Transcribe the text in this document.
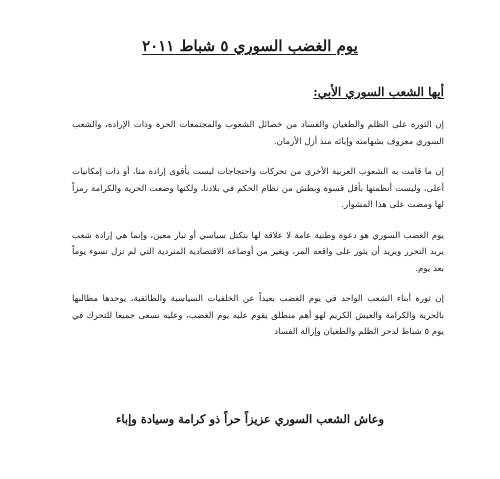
يوم الغضب السوري ٥ شباط ٢٠١١
أيها الشعب السوري الأبي:

إن الثورة على الظلم والطغيان والفساد من خصائل الشعوب والمجتمعات الحرة وذات الإرادة، والشعب السوري معروف بشهامته وإبائه منذ أزل الأزمان.

إن ما قامت به الشعوب العربية الأخرى من تحركات واحتجاجات ليست بأقوى إرادة منا، أو ذات إمكانيات أعلى، وليست أنظمتها بأقل قسوة وبطش من نظام الحكم في بلادنا، ولكنها وضعت الحرية والكرامة رمزاً لها ومضت على هذا المشوار.

يوم الغضب السوري هو دعوة وطنية عامة لا علاقة لها بتكتل سياسي أو تيار معين، وإنما هي إرادة شعب يريد التحرر ويريد أن يثور على واقعه المر، ويغير من أوضاعه الاقتصادية المتردية التي لم تزل تسوء يوماً بعد يوم.

إن ثورة أبناء الشعب الواحد في يوم الغضب بعيداً عن الخلفيات السياسية والطائفية، يوحدها مطالبها بالحرية والكرامة والعيش الكريم لهو أهم منطلق يقوم عليه يوم الغضب، وعليه نسعى جميعا للتحرك في يوم ٥ شباط لدحر الظلم والطغيان وإزالة الفساد

وعاش الشعب السوري عزيزاً حراً ذو كرامة وسيادة وإباء
